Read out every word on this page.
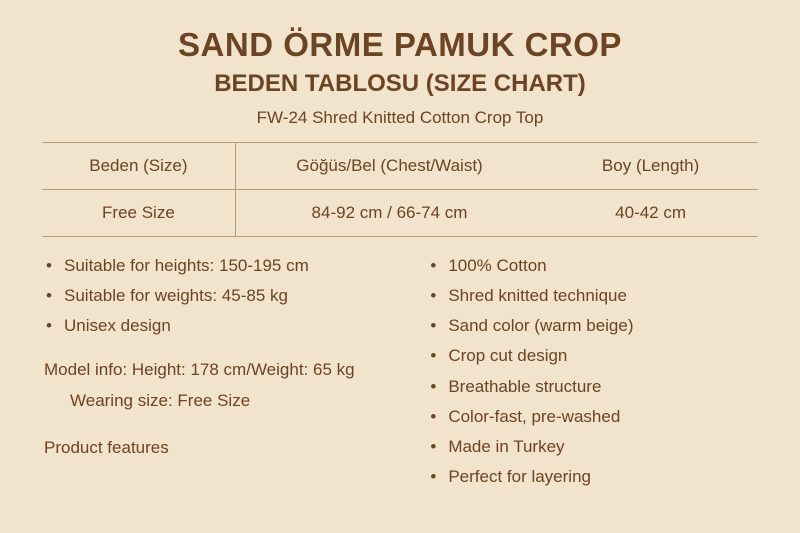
SAND ÖRME PAMUK CROP
BEDEN TABLOSU (SIZE CHART)
FW-24 Shred Knitted Cotton Crop Top
Beden (Size)	Göğüs/Bel (Chest/Waist)	Boy (Length)
Free Size	84-92 cm / 66-74 cm	40-42 cm
• Suitable for heights: 150-195 cm
• Suitable for weights: 45-85 kg
• Unisex design
Model info: Height: 178 cm/Weight: 65 kg Wearing size: Free Size
Product features
• 100% Cotton
• Shred knitted technique
• Sand color (warm beige)
• Crop cut design
• Breathable structure
• Color-fast, pre-washed
• Made in Turkey
• Perfect for layering
